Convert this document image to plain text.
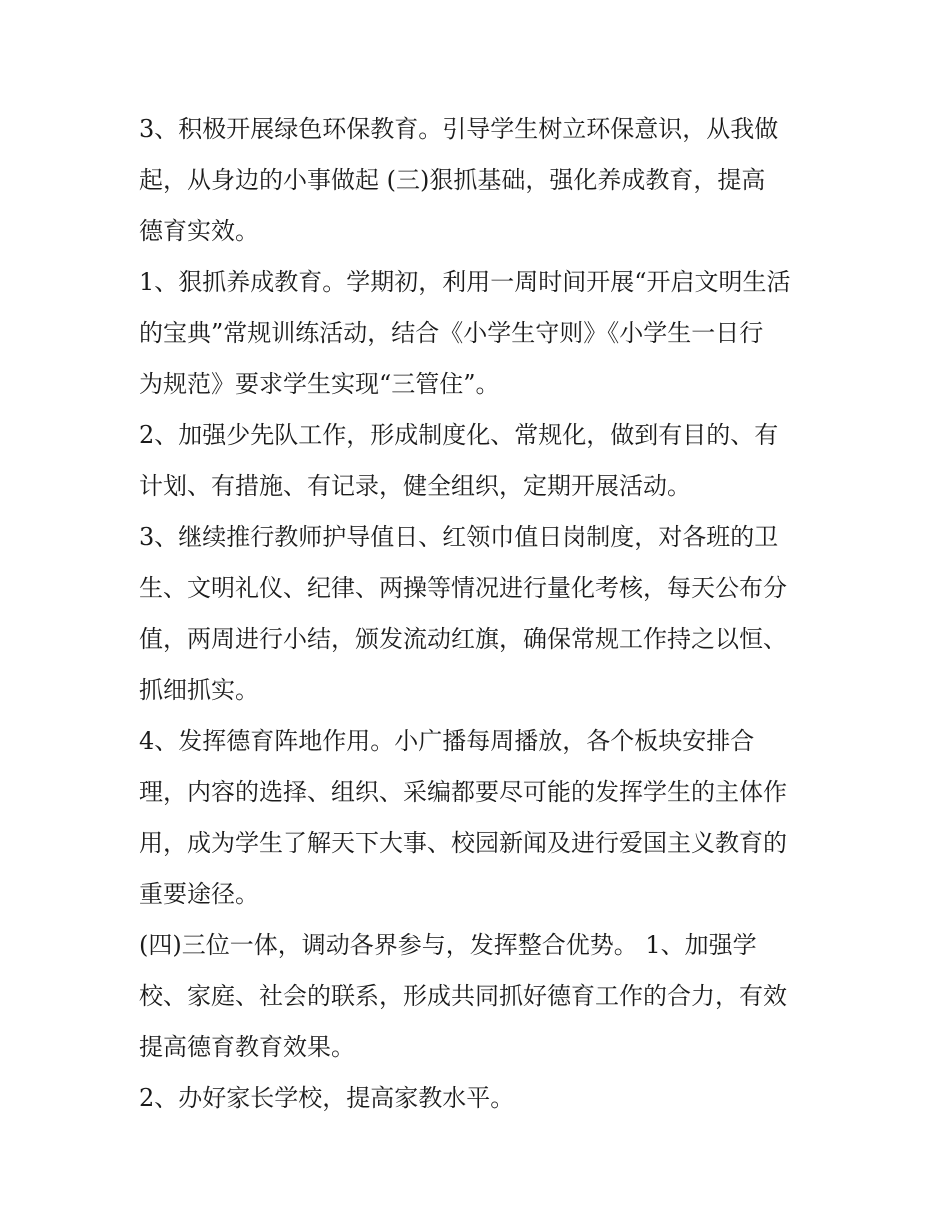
3、积极开展绿色环保教育。引导学生树立环保意识，从我做
起，从身边的小事做起 (三)狠抓基础，强化养成教育，提高
德育实效。
1、狠抓养成教育。学期初，利用一周时间开展“开启文明生活
的宝典”常规训练活动，结合《小学生守则》《小学生一日行
为规范》要求学生实现“三管住”。
2、加强少先队工作，形成制度化、常规化，做到有目的、有
计划、有措施、有记录，健全组织，定期开展活动。
3、继续推行教师护导值日、红领巾值日岗制度，对各班的卫
生、文明礼仪、纪律、两操等情况进行量化考核，每天公布分
值，两周进行小结，颁发流动红旗，确保常规工作持之以恒、
抓细抓实。
4、发挥德育阵地作用。小广播每周播放，各个板块安排合
理，内容的选择、组织、采编都要尽可能的发挥学生的主体作
用，成为学生了解天下大事、校园新闻及进行爱国主义教育的
重要途径。
(四)三位一体，调动各界参与，发挥整合优势。 1、加强学
校、家庭、社会的联系，形成共同抓好德育工作的合力，有效
提高德育教育效果。
2、办好家长学校，提高家教水平。
